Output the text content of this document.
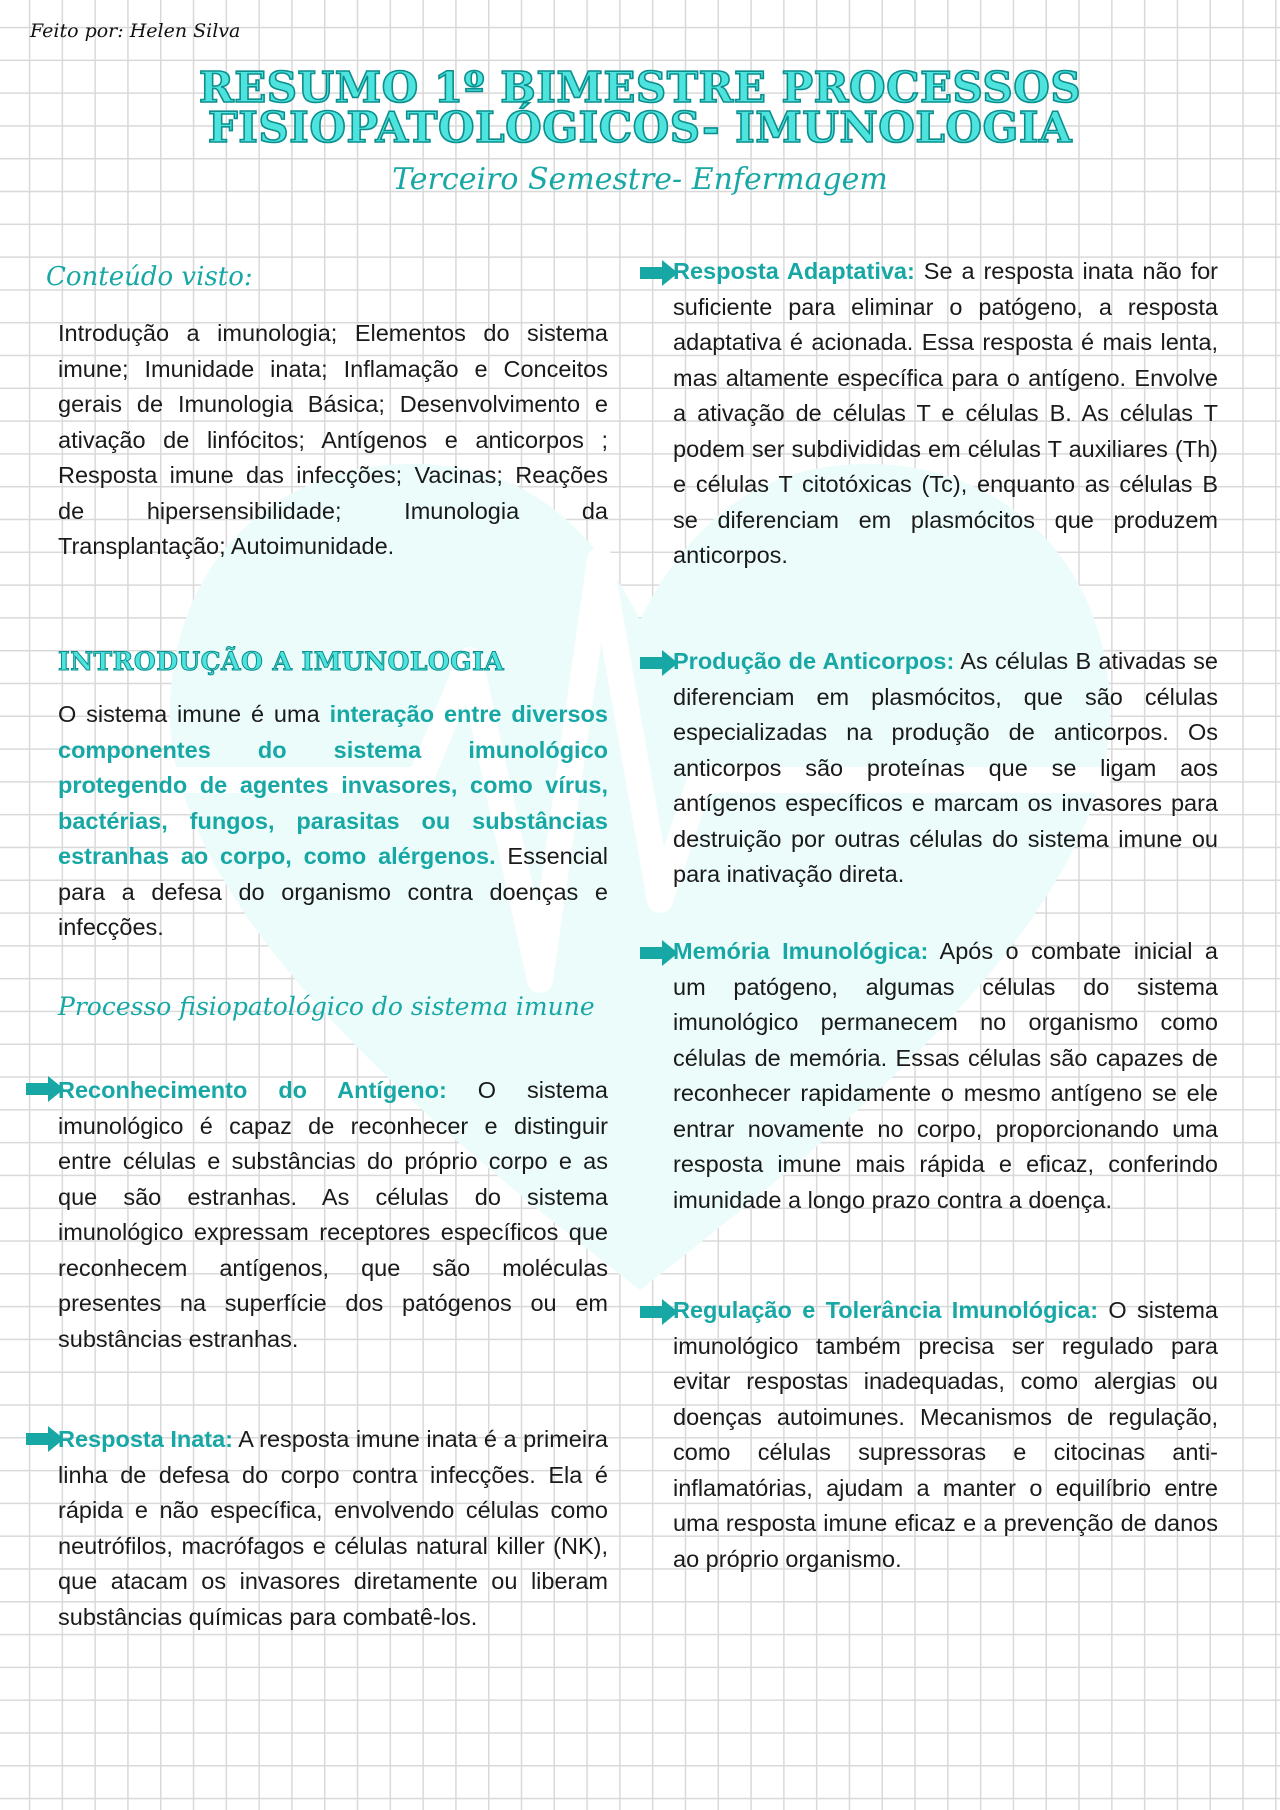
Feito por: Helen Silva
RESUMO 1º BIMESTRE PROCESSOS
FISIOPATOLÓGICOS- IMUNOLOGIA
Terceiro Semestre- Enfermagem
Conteúdo visto:
Introdução a imunologia; Elementos do sistema imune; Imunidade inata; Inflamação e Conceitos gerais de Imunologia Básica; Desenvolvimento e ativação de linfócitos; Antígenos e anticorpos ; Resposta imune das infecções; Vacinas; Reações de hipersensibilidade; Imunologia da Transplantação; Autoimunidade.
INTRODUÇÃO A IMUNOLOGIA
O sistema imune é uma interação entre diversos componentes do sistema imunológico protegendo de agentes invasores, como vírus, bactérias, fungos, parasitas ou substâncias estranhas ao corpo, como alérgenos. Essencial para a defesa do organismo contra doenças e infecções.
Processo fisiopatológico do sistema imune
Reconhecimento do Antígeno: O sistema imunológico é capaz de reconhecer e distinguir entre células e substâncias do próprio corpo e as que são estranhas. As células do sistema imunológico expressam receptores específicos que reconhecem antígenos, que são moléculas presentes na superfície dos patógenos ou em substâncias estranhas.
Resposta Inata: A resposta imune inata é a primeira linha de defesa do corpo contra infecções. Ela é rápida e não específica, envolvendo células como neutrófilos, macrófagos e células natural killer (NK), que atacam os invasores diretamente ou liberam substâncias químicas para combatê-los.
Resposta Adaptativa: Se a resposta inata não for suficiente para eliminar o patógeno, a resposta adaptativa é acionada. Essa resposta é mais lenta, mas altamente específica para o antígeno. Envolve a ativação de células T e células B. As células T podem ser subdivididas em células T auxiliares (Th) e células T citotóxicas (Tc), enquanto as células B se diferenciam em plasmócitos que produzem anticorpos.
Produção de Anticorpos: As células B ativadas se diferenciam em plasmócitos, que são células especializadas na produção de anticorpos. Os anticorpos são proteínas que se ligam aos antígenos específicos e marcam os invasores para destruição por outras células do sistema imune ou para inativação direta.
Memória Imunológica: Após o combate inicial a um patógeno, algumas células do sistema imunológico permanecem no organismo como células de memória. Essas células são capazes de reconhecer rapidamente o mesmo antígeno se ele entrar novamente no corpo, proporcionando uma resposta imune mais rápida e eficaz, conferindo imunidade a longo prazo contra a doença.
Regulação e Tolerância Imunológica: O sistema imunológico também precisa ser regulado para evitar respostas inadequadas, como alergias ou doenças autoimunes. Mecanismos de regulação, como células supressoras e citocinas anti-inflamatórias, ajudam a manter o equilíbrio entre uma resposta imune eficaz e a prevenção de danos ao próprio organismo.
